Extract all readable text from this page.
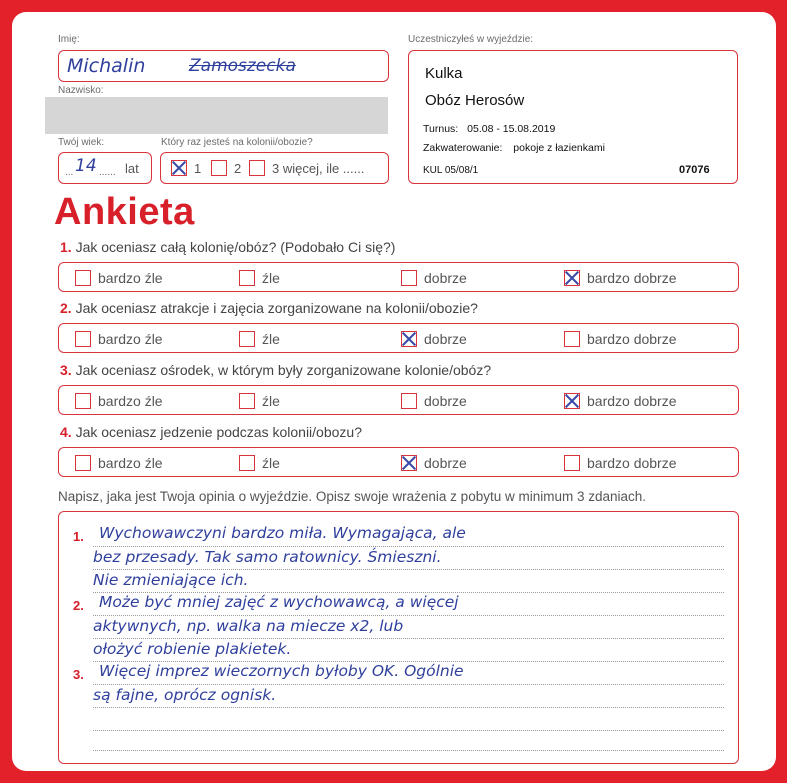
Imię:
Michalin	Zamoszecka
Nazwisko:
Twój wiek:
... 14 ...... lat
Który raz jesteś na kolonii/obozie?
1	2 3 więcej, ile ......
Uczestniczyłeś w wyjeździe:
Kulka
Obóz Herosów
Turnus: 05.08 - 15.08.2019
Zakwaterowanie: pokoje z łazienkami
KUL 05/08/1	07076
Ankieta
1. Jak oceniasz całą kolonię/obóz? (Podobało Ci się?)
bardzo źle	źle	dobrze	bardzo dobrze
2. Jak oceniasz atrakcje i zajęcia zorganizowane na kolonii/obozie?
bardzo źle	źle	dobrze	bardzo dobrze
3. Jak oceniasz ośrodek, w którym były zorganizowane kolonie/obóz?
bardzo źle	źle	dobrze	bardzo dobrze
4. Jak oceniasz jedzenie podczas kolonii/obozu?
bardzo źle	źle	dobrze	bardzo dobrze
Napisz, jaka jest Twoja opinia o wyjeździe. Opisz swoje wrażenia z pobytu w minimum 3 zdaniach.
1.
2.
3.
Wychowawczyni bardzo miła. Wymagająca, ale
bez przesady. Tak samo ratownicy. Śmieszni.
Nie zmieniające ich.
Może być mniej zajęć z wychowawcą, a więcej
aktywnych, np. walka na miecze x2, lub
ołożyć robienie plakietek.
Więcej imprez wieczornych byłoby OK. Ogólnie
są fajne, oprócz ognisk.
